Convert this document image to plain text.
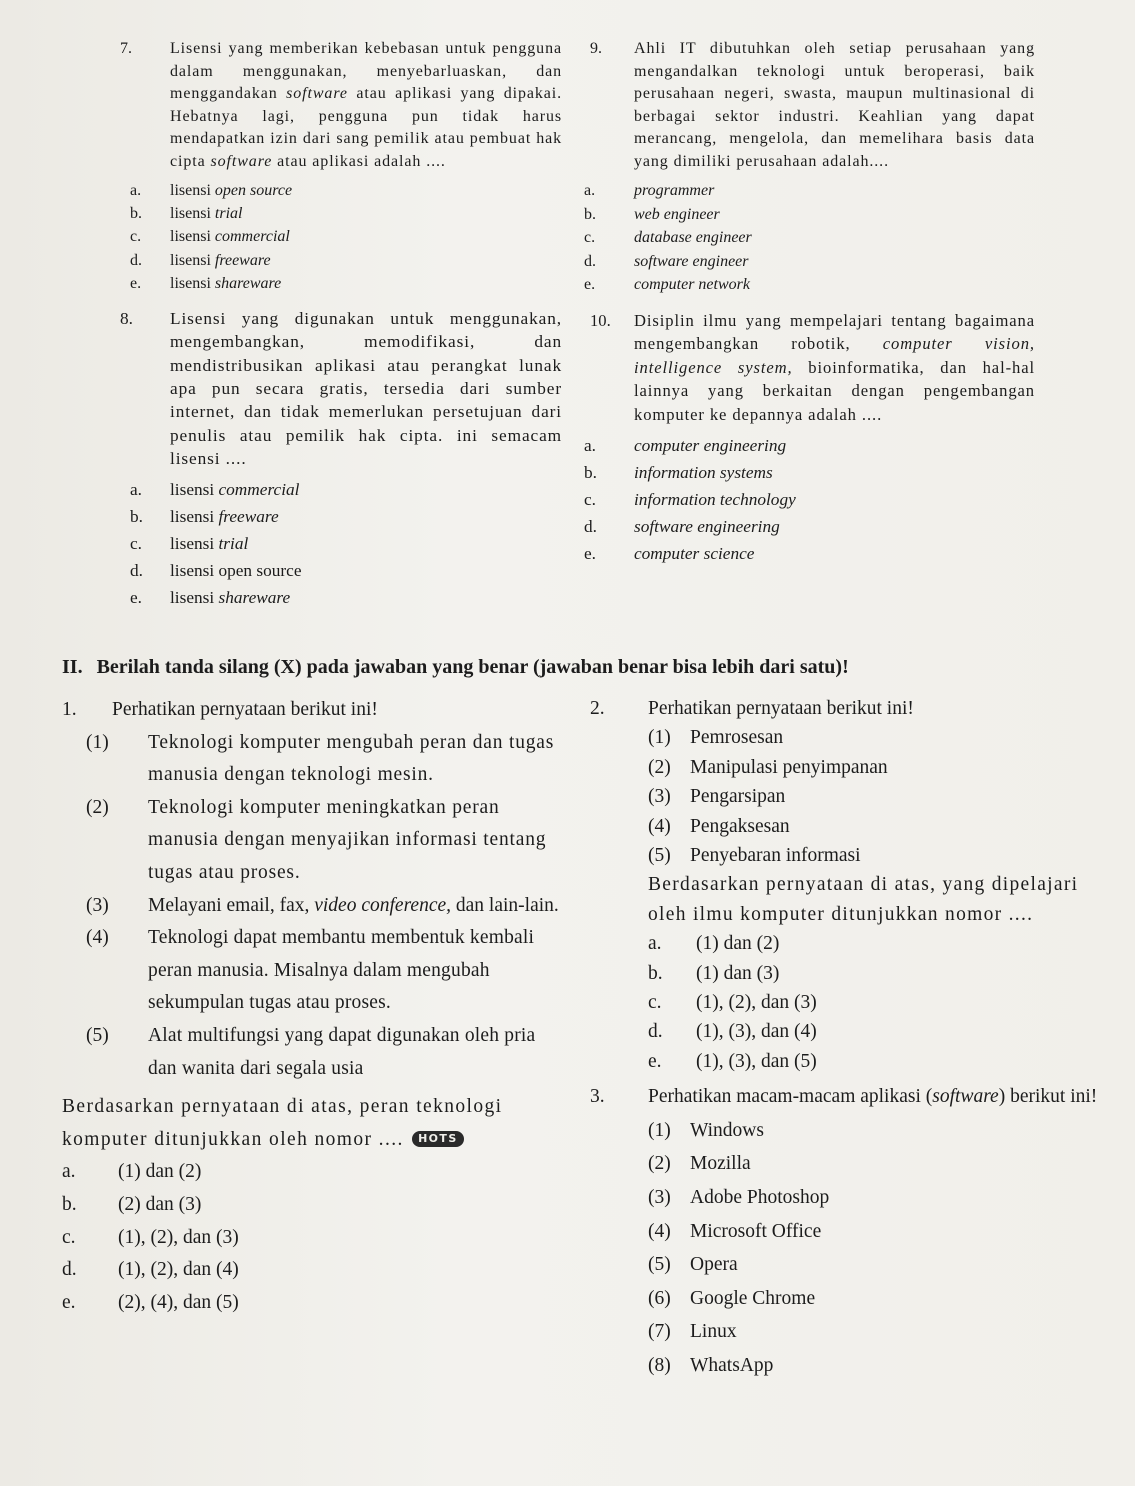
7. Lisensi yang memberikan kebebasan untuk pengguna dalam menggunakan, menyebarluaskan, dan menggandakan software atau aplikasi yang dipakai. Hebatnya lagi, pengguna pun tidak harus mendapatkan izin dari sang pemilik atau pembuat hak cipta software atau aplikasi adalah ....
a. lisensi open source
b. lisensi trial
c. lisensi commercial
d. lisensi freeware
e. lisensi shareware
8. Lisensi yang digunakan untuk menggunakan, mengembangkan, memodifikasi, dan mendistribusikan aplikasi atau perangkat lunak apa pun secara gratis, tersedia dari sumber internet, dan tidak memerlukan persetujuan dari penulis atau pemilik hak cipta. ini semacam lisensi ....
a. lisensi commercial
b. lisensi freeware
c. lisensi trial
d. lisensi open source
e. lisensi shareware
9. Ahli IT dibutuhkan oleh setiap perusahaan yang mengandalkan teknologi untuk beroperasi, baik perusahaan negeri, swasta, maupun multinasional di berbagai sektor industri. Keahlian yang dapat merancang, mengelola, dan memelihara basis data yang dimiliki perusahaan adalah....
a. programmer
b. web engineer
c. database engineer
d. software engineer
e. computer network
10. Disiplin ilmu yang mempelajari tentang bagaimana mengembangkan robotik, computer vision, intelligence system, bioinformatika, dan hal-hal lainnya yang berkaitan dengan pengembangan komputer ke depannya adalah ....
a. computer engineering
b. information systems
c. information technology
d. software engineering
e. computer science
II. Berilah tanda silang (X) pada jawaban yang benar (jawaban benar bisa lebih dari satu)!
1. Perhatikan pernyataan berikut ini!
(1) Teknologi komputer mengubah peran dan tugas manusia dengan teknologi mesin.
(2) Teknologi komputer meningkatkan peran manusia dengan menyajikan informasi tentang tugas atau proses.
(3) Melayani email, fax, video conference, dan lain-lain.
(4) Teknologi dapat membantu membentuk kembali peran manusia. Misalnya dalam mengubah sekumpulan tugas atau proses.
(5) Alat multifungsi yang dapat digunakan oleh pria dan wanita dari segala usia
Berdasarkan pernyataan di atas, peran teknologi komputer ditunjukkan oleh nomor .... HOTS
a. (1) dan (2)
b. (2) dan (3)
c. (1), (2), dan (3)
d. (1), (2), dan (4)
e. (2), (4), dan (5)
2. Perhatikan pernyataan berikut ini!
(1) Pemrosesan
(2) Manipulasi penyimpanan
(3) Pengarsipan
(4) Pengaksesan
(5) Penyebaran informasi
Berdasarkan pernyataan di atas, yang dipelajari oleh ilmu komputer ditunjukkan nomor ....
a. (1) dan (2)
b. (1) dan (3)
c. (1), (2), dan (3)
d. (1), (3), dan (4)
e. (1), (3), dan (5)
3. Perhatikan macam-macam aplikasi (software) berikut ini!
(1) Windows
(2) Mozilla
(3) Adobe Photoshop
(4) Microsoft Office
(5) Opera
(6) Google Chrome
(7) Linux
(8) WhatsApp
